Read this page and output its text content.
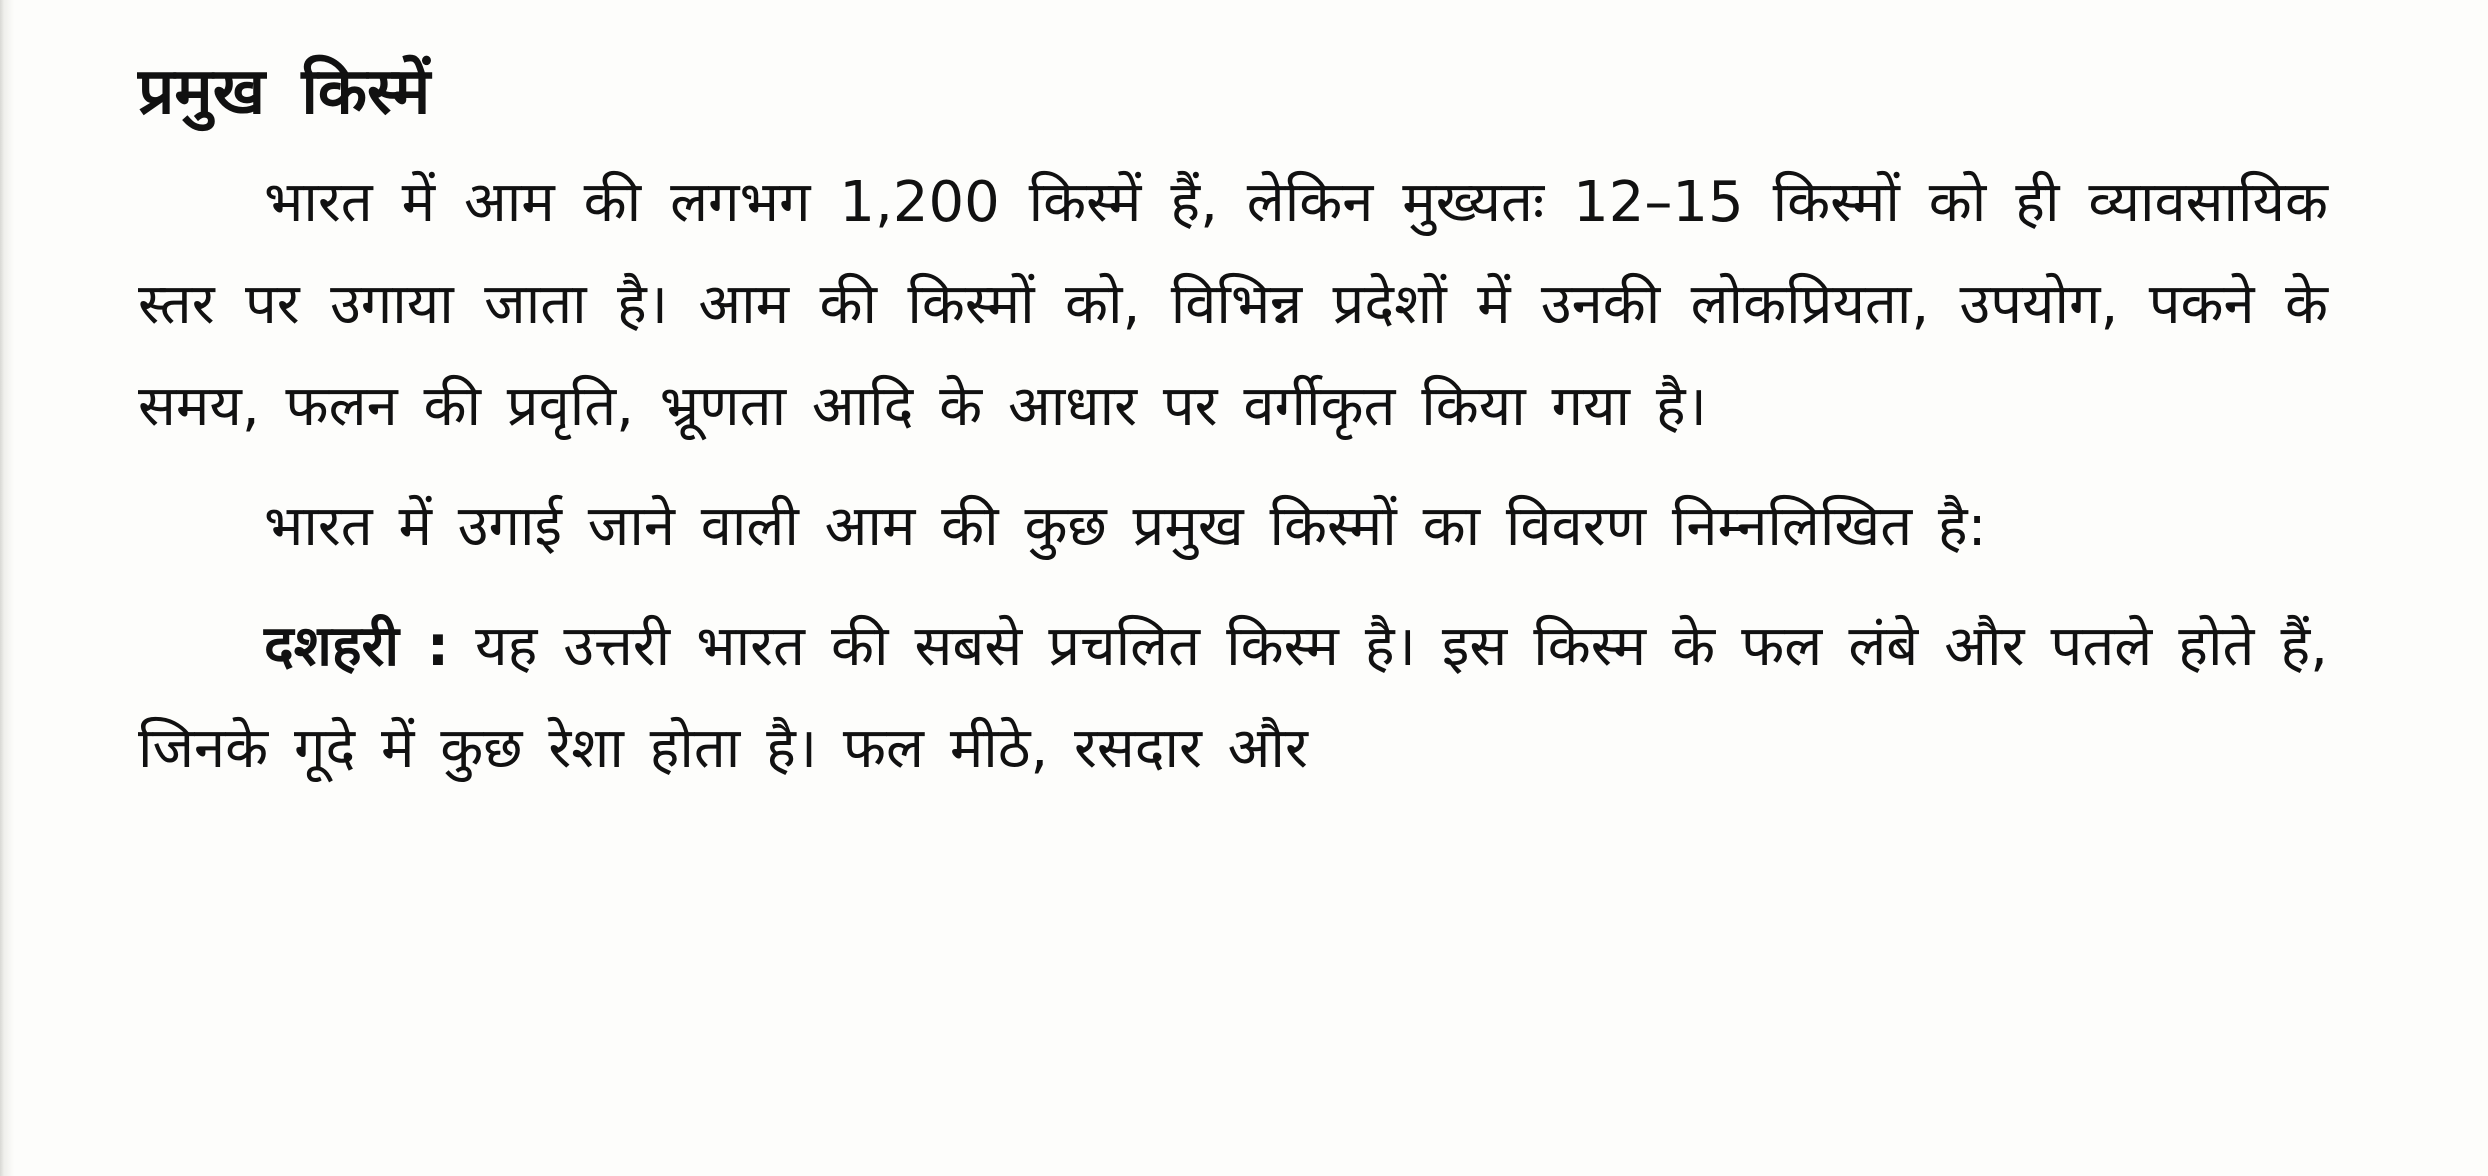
प्रमुख किस्में

भारत में आम की लगभग 1,200 किस्में हैं, लेकिन मुख्यतः 12–15 किस्मों को ही व्यावसायिक स्तर पर उगाया जाता है। आम की किस्मों को, विभिन्न प्रदेशों में उनकी लोकप्रियता, उपयोग, पकने के समय, फलन की प्रवृति, भ्रूणता आदि के आधार पर वर्गीकृत किया गया है।

भारत में उगाई जाने वाली आम की कुछ प्रमुख किस्मों का विवरण निम्नलिखित है:

दशहरी : यह उत्तरी भारत की सबसे प्रचलित किस्म है। इस किस्म के फल लंबे और पतले होते हैं, जिनके गूदे में कुछ रेशा होता है। फल मीठे, रसदार और
